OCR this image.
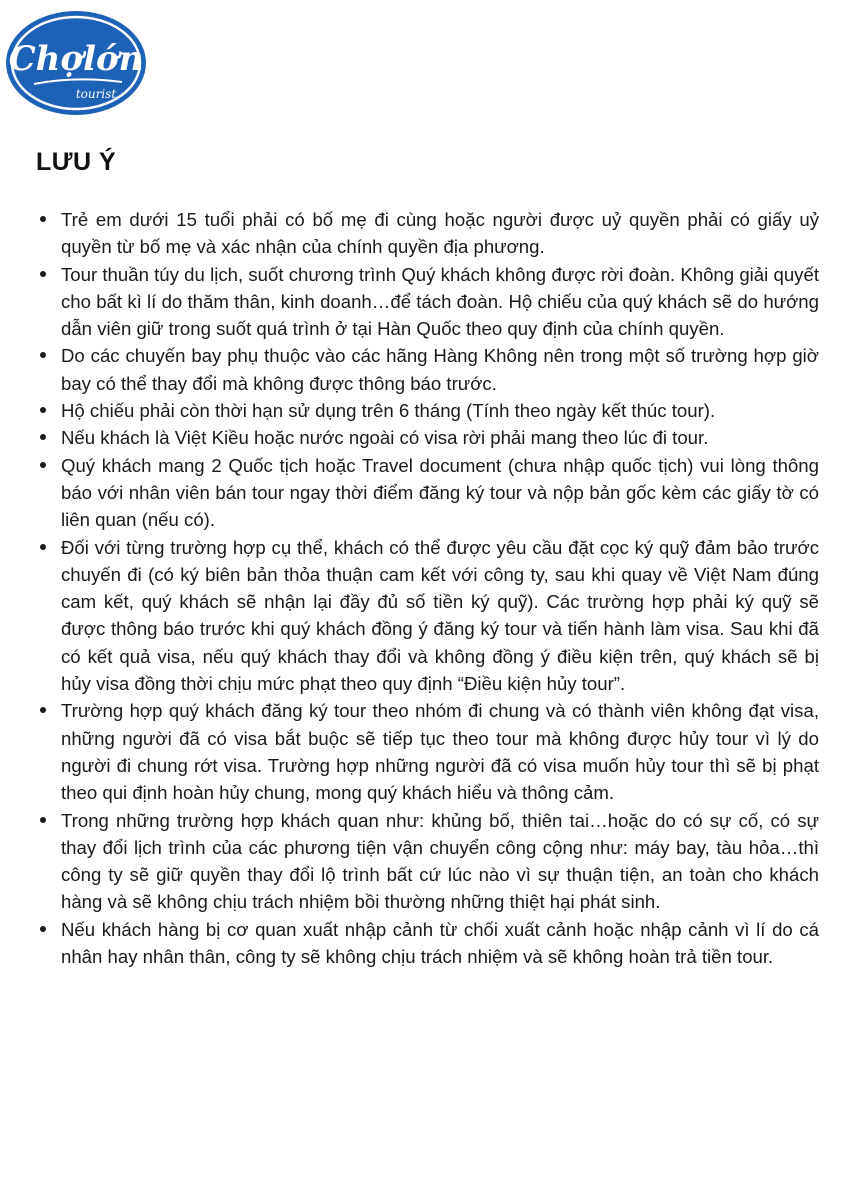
Chợlớn
tourist
LƯU Ý
Trẻ em dưới 15 tuổi phải có bố mẹ đi cùng hoặc người được uỷ quyền phải có giấy uỷ quyền từ bố mẹ và xác nhận của chính quyền địa phương.
Tour thuần túy du lịch, suốt chương trình Quý khách không được rời đoàn. Không giải quyết cho bất kì lí do thăm thân, kinh doanh…để tách đoàn. Hộ chiếu của quý khách sẽ do hướng dẫn viên giữ trong suốt quá trình ở tại Hàn Quốc theo quy định của chính quyền.
Do các chuyến bay phụ thuộc vào các hãng Hàng Không nên trong một số trường hợp giờ bay có thể thay đổi mà không được thông báo trước.
Hộ chiếu phải còn thời hạn sử dụng trên 6 tháng (Tính theo ngày kết thúc tour).
Nếu khách là Việt Kiều hoặc nước ngoài có visa rời phải mang theo lúc đi tour.
Quý khách mang 2 Quốc tịch hoặc Travel document (chưa nhập quốc tịch) vui lòng thông báo với nhân viên bán tour ngay thời điểm đăng ký tour và nộp bản gốc kèm các giấy tờ có liên quan (nếu có).
Đối với từng trường hợp cụ thể, khách có thể được yêu cầu đặt cọc ký quỹ đảm bảo trước chuyến đi (có ký biên bản thỏa thuận cam kết với công ty, sau khi quay về Việt Nam đúng cam kết, quý khách sẽ nhận lại đầy đủ số tiền ký quỹ). Các trường hợp phải ký quỹ sẽ được thông báo trước khi quý khách đồng ý đăng ký tour và tiến hành làm visa. Sau khi đã có kết quả visa, nếu quý khách thay đổi và không đồng ý điều kiện trên, quý khách sẽ bị hủy visa đồng thời chịu mức phạt theo quy định “Điều kiện hủy tour”.
Trường hợp quý khách đăng ký tour theo nhóm đi chung và có thành viên không đạt visa, những người đã có visa bắt buộc sẽ tiếp tục theo tour mà không được hủy tour vì lý do người đi chung rớt visa. Trường hợp những người đã có visa muốn hủy tour thì sẽ bị phạt theo qui định hoàn hủy chung, mong quý khách hiểu và thông cảm.
Trong những trường hợp khách quan như: khủng bố, thiên tai…hoặc do có sự cố, có sự thay đổi lịch trình của các phương tiện vận chuyển công cộng như: máy bay, tàu hỏa…thì công ty sẽ giữ quyền thay đổi lộ trình bất cứ lúc nào vì sự thuận tiện, an toàn cho khách hàng và sẽ không chịu trách nhiệm bồi thường những thiệt hại phát sinh.
Nếu khách hàng bị cơ quan xuất nhập cảnh từ chối xuất cảnh hoặc nhập cảnh vì lí do cá nhân hay nhân thân, công ty sẽ không chịu trách nhiệm và sẽ không hoàn trả tiền tour.
